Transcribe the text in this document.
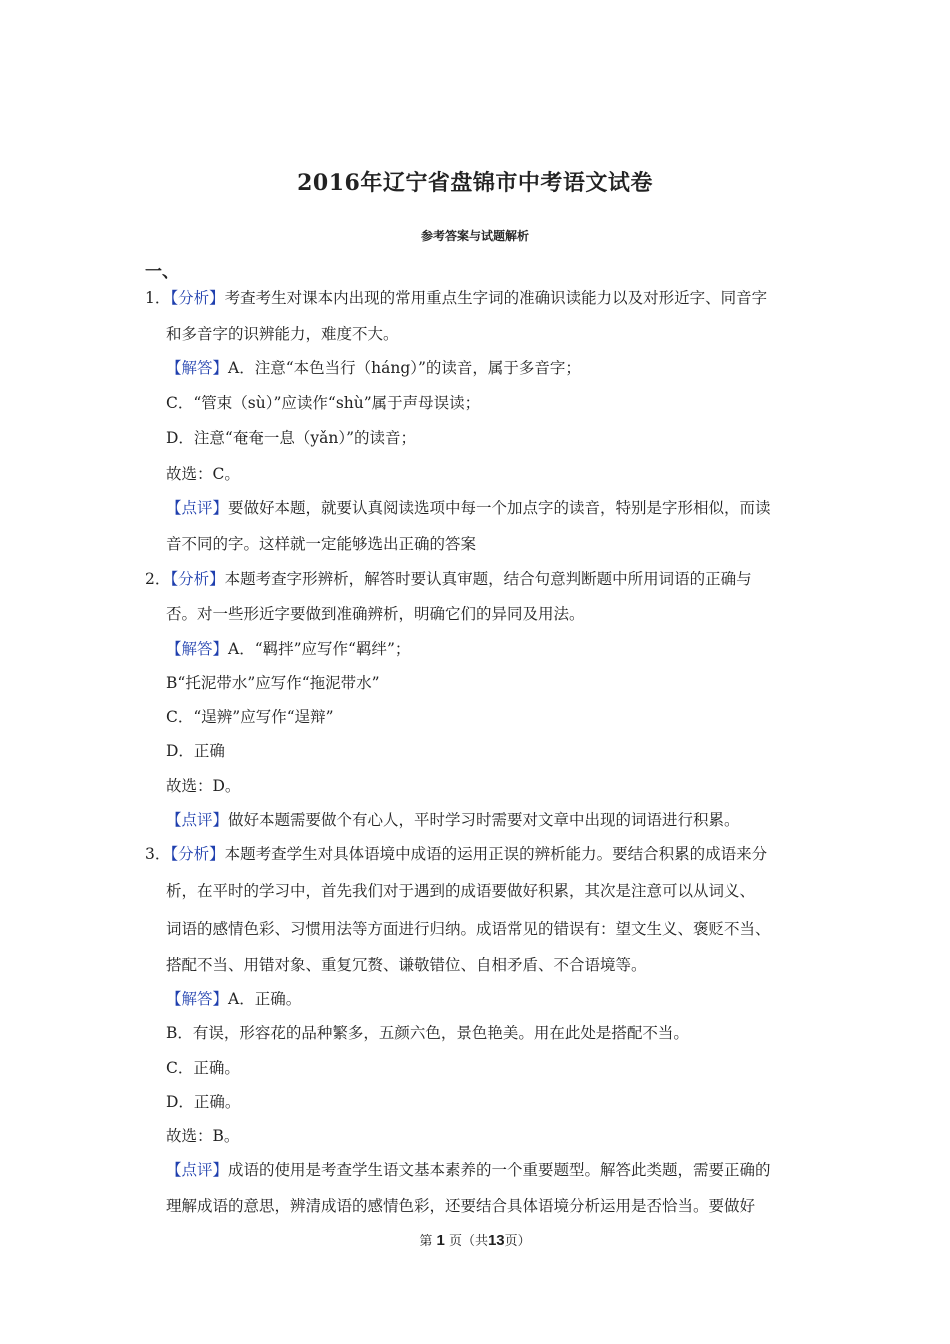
2016年辽宁省盘锦市中考语文试卷
参考答案与试题解析
一、
1．【分析】考查考生对课本内出现的常用重点生字词的准确识读能力以及对形近字、同音字
和多音字的识辨能力，难度不大。
【解答】A．注意“本色当行（háng）”的读音，属于多音字；
C．“管束（sù）”应读作“shù”属于声母误读；
D．注意“奄奄一息（yǎn）”的读音；
故选：C。
【点评】要做好本题，就要认真阅读选项中每一个加点字的读音，特别是字形相似，而读
音不同的字。这样就一定能够选出正确的答案
2．【分析】本题考查字形辨析，解答时要认真审题，结合句意判断题中所用词语的正确与
否。对一些形近字要做到准确辨析，明确它们的异同及用法。
【解答】A．“羁拌”应写作“羁绊”；
B“托泥带水”应写作“拖泥带水”
C．“逞辨”应写作“逞辩”
D．正确
故选：D。
【点评】做好本题需要做个有心人，平时学习时需要对文章中出现的词语进行积累。
3．【分析】本题考查学生对具体语境中成语的运用正误的辨析能力。要结合积累的成语来分
析，在平时的学习中，首先我们对于遇到的成语要做好积累，其次是注意可以从词义、
词语的感情色彩、习惯用法等方面进行归纳。成语常见的错误有：望文生义、褒贬不当、
搭配不当、用错对象、重复冗赘、谦敬错位、自相矛盾、不合语境等。
【解答】A．正确。
B．有误，形容花的品种繁多，五颜六色，景色艳美。用在此处是搭配不当。
C．正确。
D．正确。
故选：B。
【点评】成语的使用是考查学生语文基本素养的一个重要题型。解答此类题，需要正确的
理解成语的意思，辨清成语的感情色彩，还要结合具体语境分析运用是否恰当。要做好
第 1 页（共13页）
